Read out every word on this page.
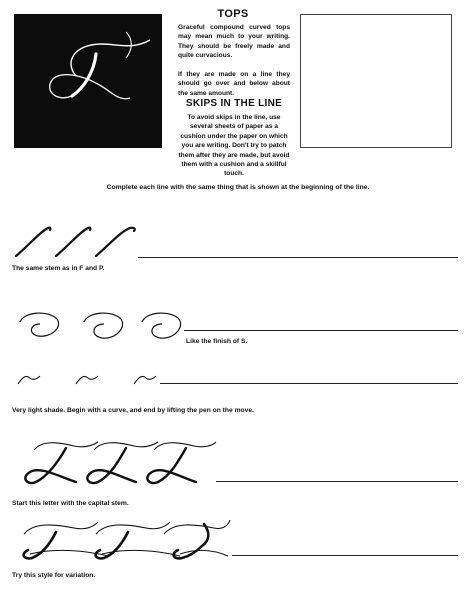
TOPS
Graceful compound curved tops may mean much to your writing. They should be freely made and quite curvacious.
If they are made on a line they should go over and below about the same amount.
SKIPS IN THE LINE
To avoid skips in the line, use several sheets of paper as a cushion under the paper on which you are writing. Don't try to patch them after they are made, but avoid them with a cushion and a skillful touch.
Complete each line with the same thing that is shown at the beginning of the line.
The same stem as in F and P.
Like the finish of S.
Very light shade. Begin with a curve, and end by lifting the pen on the move.
Start this letter with the capital stem.
Try this style for variation.
